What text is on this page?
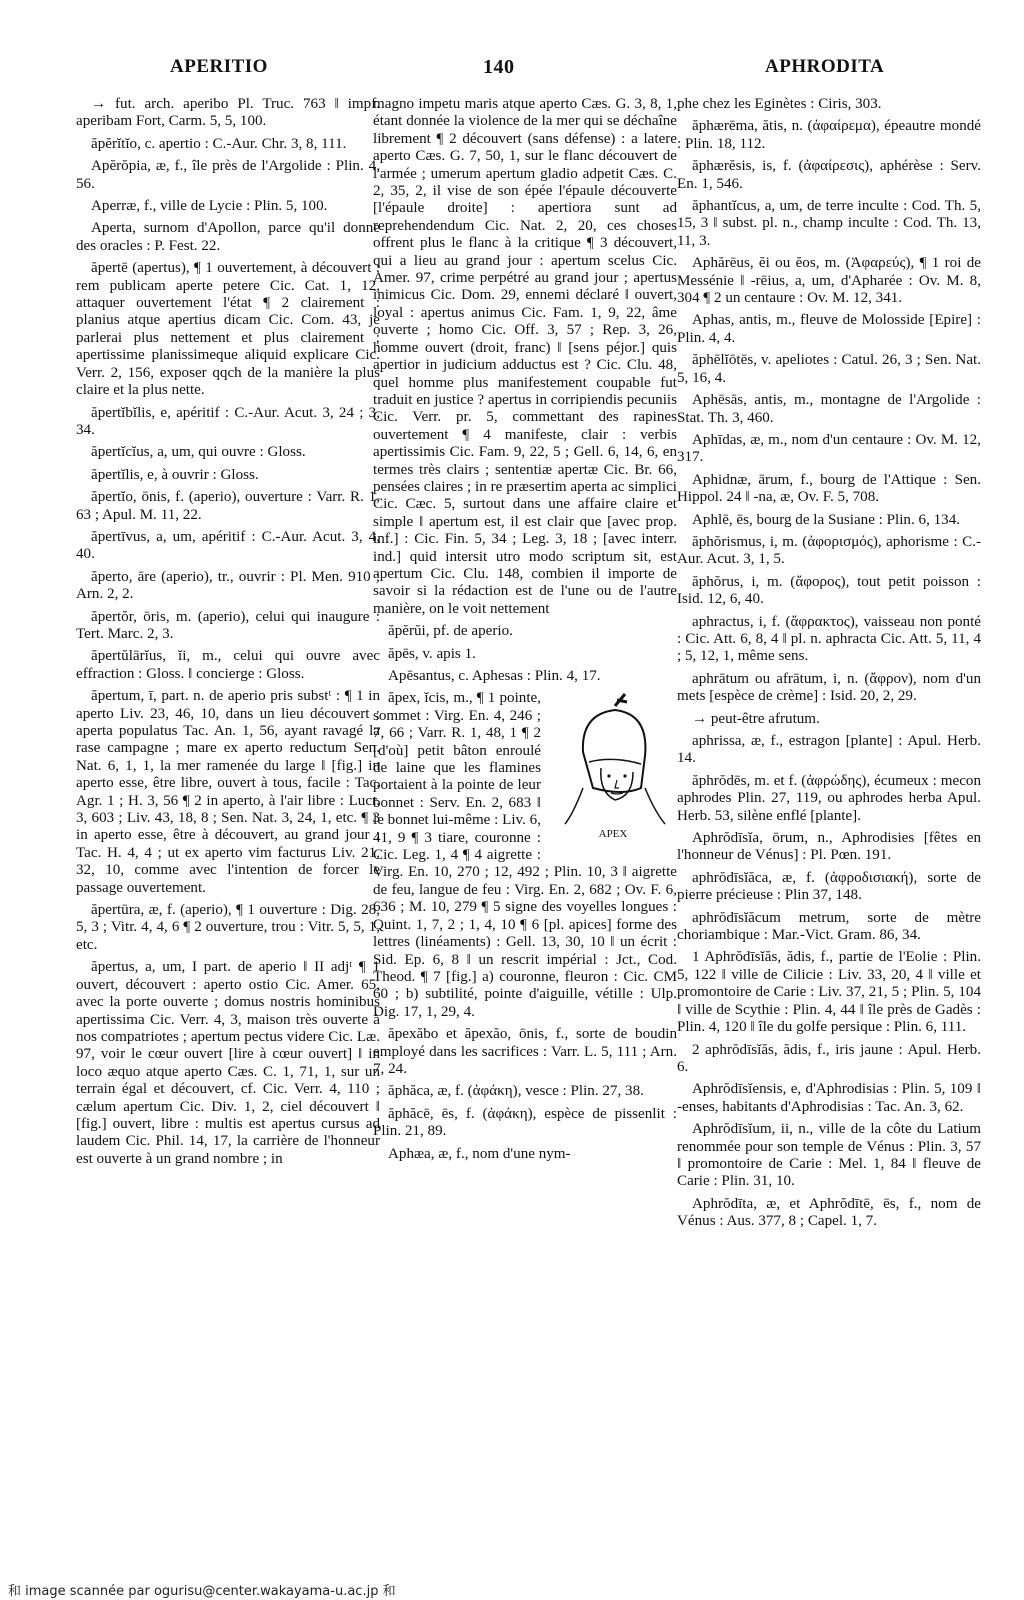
APERITIO	140	APHRODITA

→ fut. arch. aperibo Pl. Truc. 763 ‖ impf. aperibam Fort, Carm. 5, 5, 100.

ăpĕrĭtĭo, c. apertio : C.-Aur. Chr. 3, 8, 111.

Apĕrŏpia, æ, f., île près de l'Argolide : Plin. 4, 56.

Aperræ, f., ville de Lycie : Plin. 5, 100.

Aperta, surnom d'Apollon, parce qu'il donne des oracles : P. Fest. 22.

ăpertē (apertus), ¶ 1 ouvertement, à découvert : rem publicam aperte petere Cic. Cat. 1, 12, attaquer ouvertement l'état ¶ 2 clairement : planius atque apertius dicam Cic. Com. 43, je parlerai plus nettement et plus clairement ; apertissime planissimeque aliquid explicare Cic. Verr. 2, 156, exposer qqch de la manière la plus claire et la plus nette.

ăpertĭbĭlis, e, apéritif : C.-Aur. Acut. 3, 24 ; 3, 34.

ăpertĭcĭus, a, um, qui ouvre : Gloss.

ăpertĭlis, e, à ouvrir : Gloss.

ăpertĭo, ōnis, f. (aperio), ouverture : Varr. R. 1, 63 ; Apul. M. 11, 22.

ăpertīvus, a, um, apéritif : C.-Aur. Acut. 3, 4, 40.

ăperto, āre (aperio), tr., ouvrir : Pl. Men. 910 ; Arn. 2, 2.

ăpertŏr, ōris, m. (aperio), celui qui inaugure : Tert. Marc. 2, 3.

ăpertŭlārĭus, ĭi, m., celui qui ouvre avec effraction : Gloss. ‖ concierge : Gloss.

ăpertum, ī, part. n. de aperio pris substᵗ : ¶ 1 in aperto Liv. 23, 46, 10, dans un lieu découvert ; aperta populatus Tac. An. 1, 56, ayant ravagé la rase campagne ; mare ex aperto reductum Sen. Nat. 6, 1, 1, la mer ramenée du large ‖ [fig.] in aperto esse, être libre, ouvert à tous, facile : Tac. Agr. 1 ; H. 3, 56 ¶ 2 in aperto, à l'air libre : Lucr. 3, 603 ; Liv. 43, 18, 8 ; Sen. Nat. 3, 24, 1, etc. ¶ 3 in aperto esse, être à découvert, au grand jour : Tac. H. 4, 4 ; ut ex aperto vim facturus Liv. 21, 32, 10, comme avec l'intention de forcer le passage ouvertement.

ăpertūra, æ, f. (aperio), ¶ 1 ouverture : Dig. 28, 5, 3 ; Vitr. 4, 4, 6 ¶ 2 ouverture, trou : Vitr. 5, 5, 1, etc.

ăpertus, a, um, I part. de aperio ‖ II adjᵗ ¶ 1 ouvert, découvert : aperto ostio Cic. Amer. 65, avec la porte ouverte ; domus nostris hominibus apertissima Cic. Verr. 4, 3, maison très ouverte à nos compatriotes ; apertum pectus videre Cic. Læ. 97, voir le cœur ouvert [lire à cœur ouvert] ‖ in loco æquo atque aperto Cæs. C. 1, 71, 1, sur un terrain égal et découvert, cf. Cic. Verr. 4, 110 ; cælum apertum Cic. Div. 1, 2, ciel découvert ‖ [fig.] ouvert, libre : multis est apertus cursus ad laudem Cic. Phil. 14, 17, la carrière de l'honneur est ouverte à un grand nombre ; in

magno impetu maris atque aperto Cæs. G. 3, 8, 1, étant donnée la violence de la mer qui se déchaîne librement ¶ 2 découvert (sans défense) : a latere aperto Cæs. G. 7, 50, 1, sur le flanc découvert de l'armée ; umerum apertum gladio adpetit Cæs. C. 2, 35, 2, il vise de son épée l'épaule découverte [l'épaule droite] : apertiora sunt ad reprehendendum Cic. Nat. 2, 20, ces choses offrent plus le flanc à la critique ¶ 3 découvert, qui a lieu au grand jour : apertum scelus Cic. Amer. 97, crime perpétré au grand jour ; apertus inimicus Cic. Dom. 29, ennemi déclaré ‖ ouvert, loyal : apertus animus Cic. Fam. 1, 9, 22, âme ouverte ; homo Cic. Off. 3, 57 ; Rep. 3, 26, homme ouvert (droit, franc) ‖ [sens péjor.] quis apertior in judicium adductus est ? Cic. Clu. 48, quel homme plus manifestement coupable fut traduit en justice ? apertus in corripiendis pecuniis Cic. Verr. pr. 5, commettant des rapines ouvertement ¶ 4 manifeste, clair : verbis apertissimis Cic. Fam. 9, 22, 5 ; Gell. 6, 14, 6, en termes très clairs ; sententiæ apertæ Cic. Br. 66, pensées claires ; in re præsertim aperta ac simplici Cic. Cæc. 5, surtout dans une affaire claire et simple ‖ apertum est, il est clair que [avec prop. inf.] : Cic. Fin. 5, 34 ; Leg. 3, 18 ; [avec interr. ind.] quid intersit utro modo scriptum sit, est apertum Cic. Clu. 148, combien il importe de savoir si la rédaction est de l'une ou de l'autre manière, on le voit nettement

ăpĕrŭi, pf. de aperio.

ăpēs, v. apis 1.

Apēsantus, c. Aphesas : Plin. 4, 17.

APEX

ăpex, ĭcis, m., ¶ 1 pointe, sommet : Virg. En. 4, 246 ; 7, 66 ; Varr. R. 1, 48, 1 ¶ 2 [d'où] petit bâton enroulé de laine que les flamines portaient à la pointe de leur bonnet : Serv. En. 2, 683 ‖ le bonnet lui-même : Liv. 6, 41, 9 ¶ 3 tiare, couronne : Cic. Leg. 1, 4 ¶ 4 aigrette : Virg. En. 10, 270 ; 12, 492 ; Plin. 10, 3 ‖ aigrette de feu, langue de feu : Virg. En. 2, 682 ; Ov. F. 6, 636 ; M. 10, 279 ¶ 5 signe des voyelles longues : Quint. 1, 7, 2 ; 1, 4, 10 ¶ 6 [pl. apices] forme des lettres (linéaments) : Gell. 13, 30, 10 ‖ un écrit : Sid. Ep. 6, 8 ‖ un rescrit impérial : Jct., Cod. Theod. ¶ 7 [fig.] a) couronne, fleuron : Cic. CM 60 ; b) subtilité, pointe d'aiguille, vétille : Ulp. Dig. 17, 1, 29, 4.

ăpexăbo et ăpexăo, ōnis, f., sorte de boudin employé dans les sacrifices : Varr. L. 5, 111 ; Arn. 7, 24.

ăphăca, æ, f. (ἀφάκη), vesce : Plin. 27, 38.

ăphăcē, ēs, f. (ἀφάκη), espèce de pissenlit : Plin. 21, 89.

Aphæa, æ, f., nom d'une nym-

phe chez les Eginètes : Ciris, 303.

ăphærēma, ătis, n. (ἀφαίρεμα), épeautre mondé : Plin. 18, 112.

ăphærĕsis, is, f. (ἀφαίρεσις), aphérèse : Serv. En. 1, 546.

ăphantĭcus, a, um, de terre inculte : Cod. Th. 5, 15, 3 ‖ subst. pl. n., champ inculte : Cod. Th. 13, 11, 3.

Aphărēus, ĕi ou ĕos, m. (Ἀφαρεύς), ¶ 1 roi de Messénie ‖ -rēius, a, um, d'Apharée : Ov. M. 8, 304 ¶ 2 un centaure : Ov. M. 12, 341.

Aphas, antis, m., fleuve de Molosside [Epire] : Plin. 4, 4.

ăphēlĭōtēs, v. apeliotes : Catul. 26, 3 ; Sen. Nat. 5, 16, 4.

Aphēsās, antis, m., montagne de l'Argolide : Stat. Th. 3, 460.

Aphīdas, æ, m., nom d'un centaure : Ov. M. 12, 317.

Aphidnæ, ārum, f., bourg de l'Attique : Sen. Hippol. 24 ‖ -na, æ, Ov. F. 5, 708.

Aphlē, ēs, bourg de la Susiane : Plin. 6, 134.

ăphŏrismus, i, m. (ἀφορισμός), aphorisme : C.-Aur. Acut. 3, 1, 5.

ăphŏrus, i, m. (ἄφορος), tout petit poisson : Isid. 12, 6, 40.

aphractus, i, f. (ἄφρακτος), vaisseau non ponté : Cic. Att. 6, 8, 4 ‖ pl. n. aphracta Cic. Att. 5, 11, 4 ; 5, 12, 1, même sens.

aphrātum ou afrātum, i, n. (ἄφρον), nom d'un mets [espèce de crème] : Isid. 20, 2, 29.

→ peut-être afrutum.

aphrissa, æ, f., estragon [plante] : Apul. Herb. 14.

ăphrŏdēs, m. et f. (ἀφρώδης), écumeux : mecon aphrodes Plin. 27, 119, ou aphrodes herba Apul. Herb. 53, silène enflé [plante].

Aphrŏdīsĭa, ōrum, n., Aphrodisies [fêtes en l'honneur de Vénus] : Pl. Pœn. 191.

aphrŏdīsĭăca, æ, f. (ἀφροδισιακή), sorte de pierre précieuse : Plin 37, 148.

aphrŏdīsĭăcum metrum, sorte de mètre choriambique : Mar.-Vict. Gram. 86, 34.

1 Aphrŏdīsĭăs, ădis, f., partie de l'Eolie : Plin. 5, 122 ‖ ville de Cilicie : Liv. 33, 20, 4 ‖ ville et promontoire de Carie : Liv. 37, 21, 5 ; Plin. 5, 104 ‖ ville de Scythie : Plin. 4, 44 ‖ île près de Gadès : Plin. 4, 120 ‖ île du golfe persique : Plin. 6, 111.

2 aphrŏdīsĭăs, ădis, f., iris jaune : Apul. Herb. 6.

Aphrŏdīsĭensis, e, d'Aphrodisias : Plin. 5, 109 ‖ -enses, habitants d'Aphrodisias : Tac. An. 3, 62.

Aphrŏdīsĭum, ii, n., ville de la côte du Latium renommée pour son temple de Vénus : Plin. 3, 57 ‖ promontoire de Carie : Mel. 1, 84 ‖ fleuve de Carie : Plin. 31, 10.

Aphrŏdīta, æ, et Aphrŏdītē, ēs, f., nom de Vénus : Aus. 377, 8 ; Capel. 1, 7.

和 image scannée par ogurisu@center.wakayama-u.ac.jp 和
